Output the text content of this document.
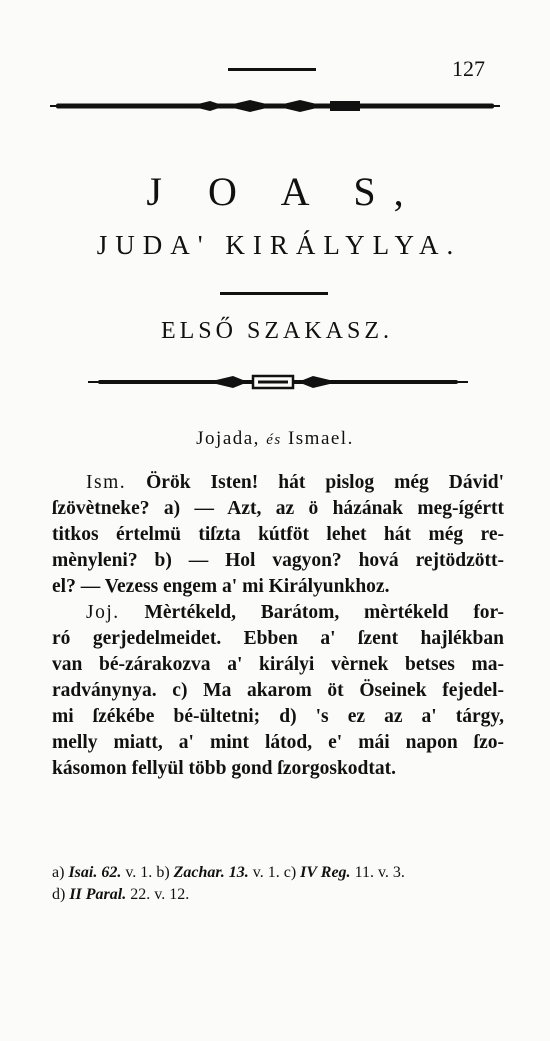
127
J O A S,
JUDA' KIRÁLYLYA.
ELSŐ SZAKASZ.
Jojada, és Ismael.
Ism. Örök Isten! hát pislog még Dávid'
ſzövètneke? a) — Azt, az ö házának meg-ígértt
titkos értelmü tiſzta kútföt lehet hát még re-
mènyleni? b) — Hol vagyon? hová rejtödzött-
el? — Vezess engem a' mi Királyunkhoz.
Joj. Mèrtékeld, Barátom, mèrtékeld for-
ró gerjedelmeidet. Ebben a' ſzent hajlékban
van bé-zárakozva a' királyi vèrnek betses ma-
radványnya. c) Ma akarom öt Öseinek fejedel-
mi ſzékébe bé-ültetni; d) 's ez az a' tárgy,
melly miatt, a' mint látod, e' mái napon ſzo-
kásomon fellyül több gond ſzorgoskodtat.
a) Isai. 62. v. 1. b) Zachar. 13. v. 1. c) IV Reg. 11. v. 3.
d) II Paral. 22. v. 12.
